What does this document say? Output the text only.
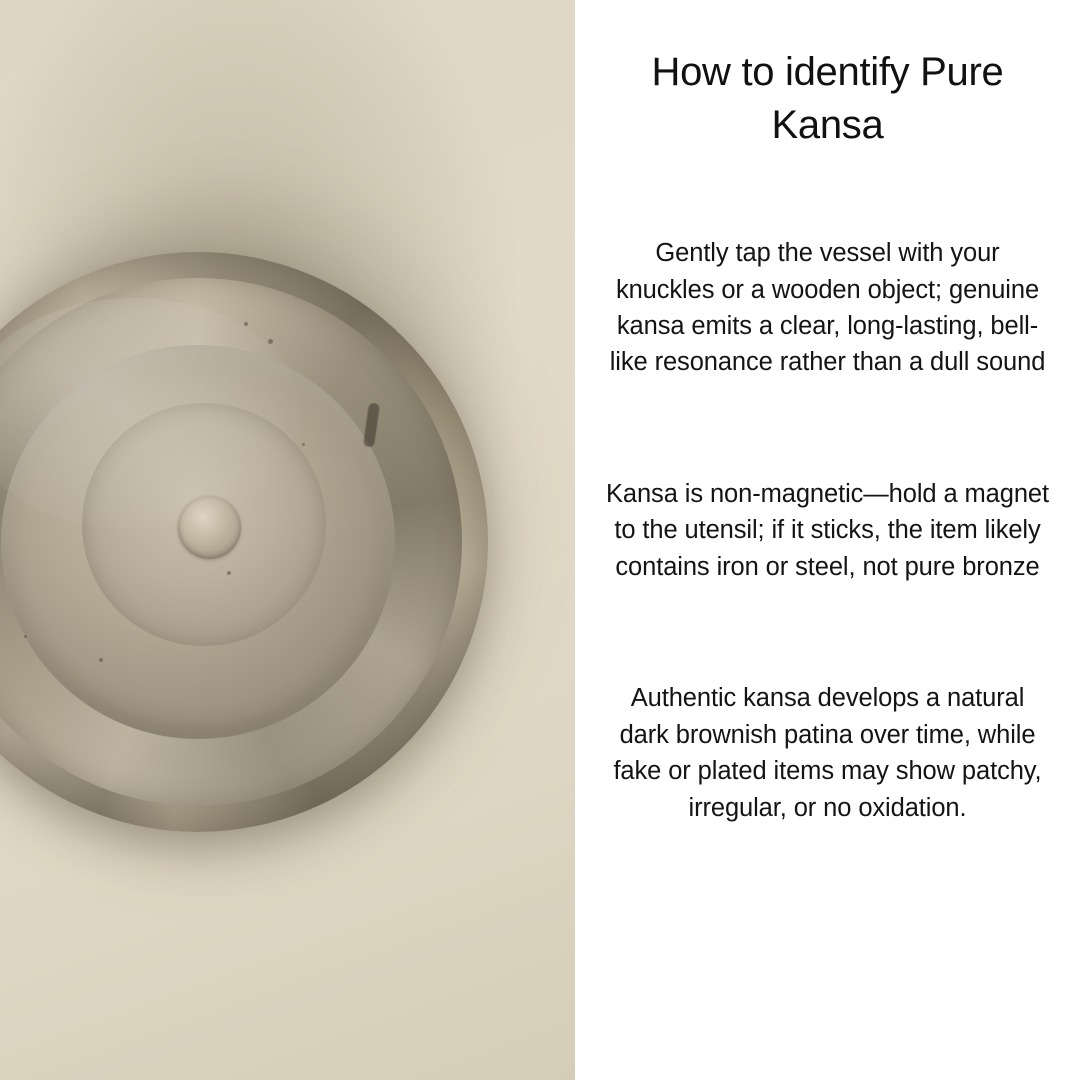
How to identify Pure Kansa

Gently tap the vessel with your knuckles or a wooden object; genuine kansa emits a clear, long-lasting, bell-like resonance rather than a dull sound

Kansa is non-magnetic—hold a magnet to the utensil; if it sticks, the item likely contains iron or steel, not pure bronze

Authentic kansa develops a natural dark brownish patina over time, while fake or plated items may show patchy, irregular, or no oxidation.
